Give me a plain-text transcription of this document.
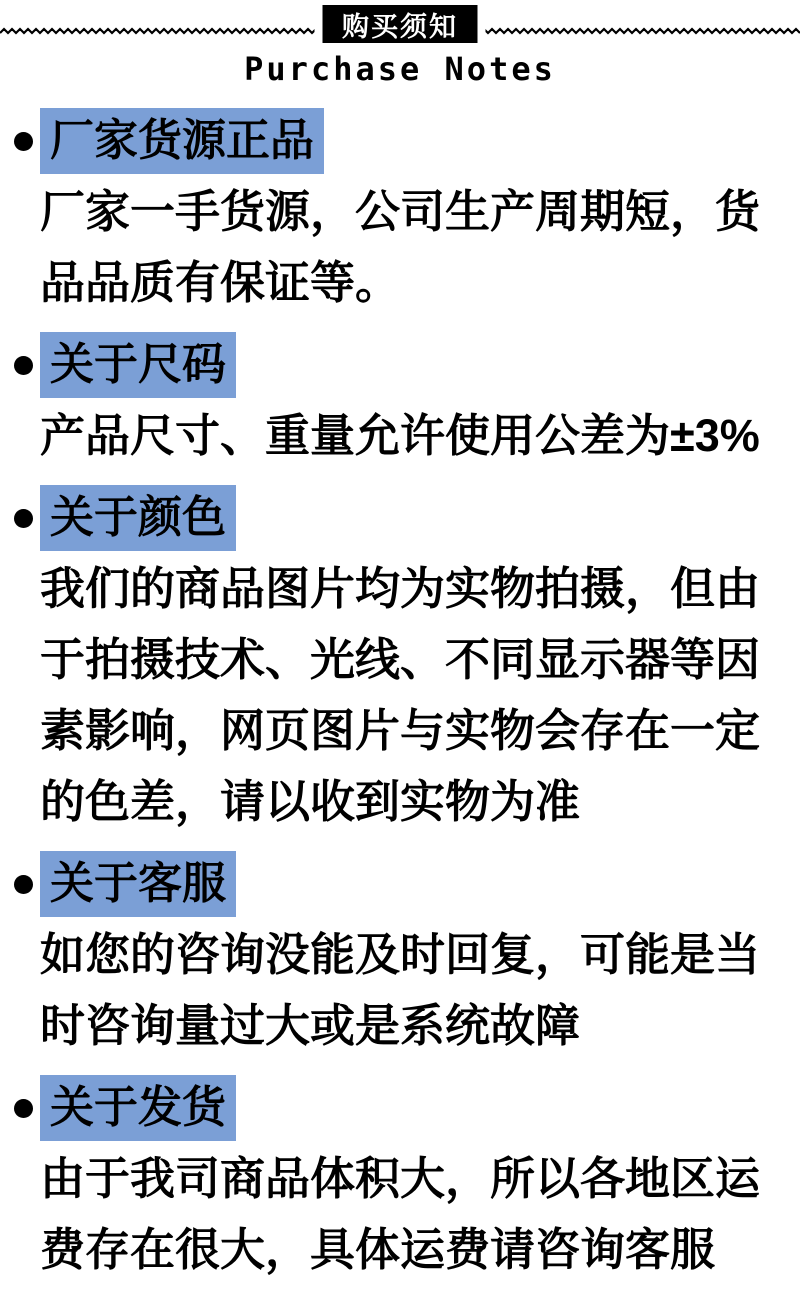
购买须知
Purchase Notes
厂家货源正品

厂家一手货源，公司生产周期短，货品品质有保证等。

关于尺码

产品尺寸、重量允许使用公差为±3%

关于颜色

我们的商品图片均为实物拍摄，但由于拍摄技术、光线、不同显示器等因素影响，网页图片与实物会存在一定的色差，请以收到实物为准

关于客服

如您的咨询没能及时回复，可能是当时咨询量过大或是系统故障

关于发货

由于我司商品体积大，所以各地区运费存在很大，具体运费请咨询客服
